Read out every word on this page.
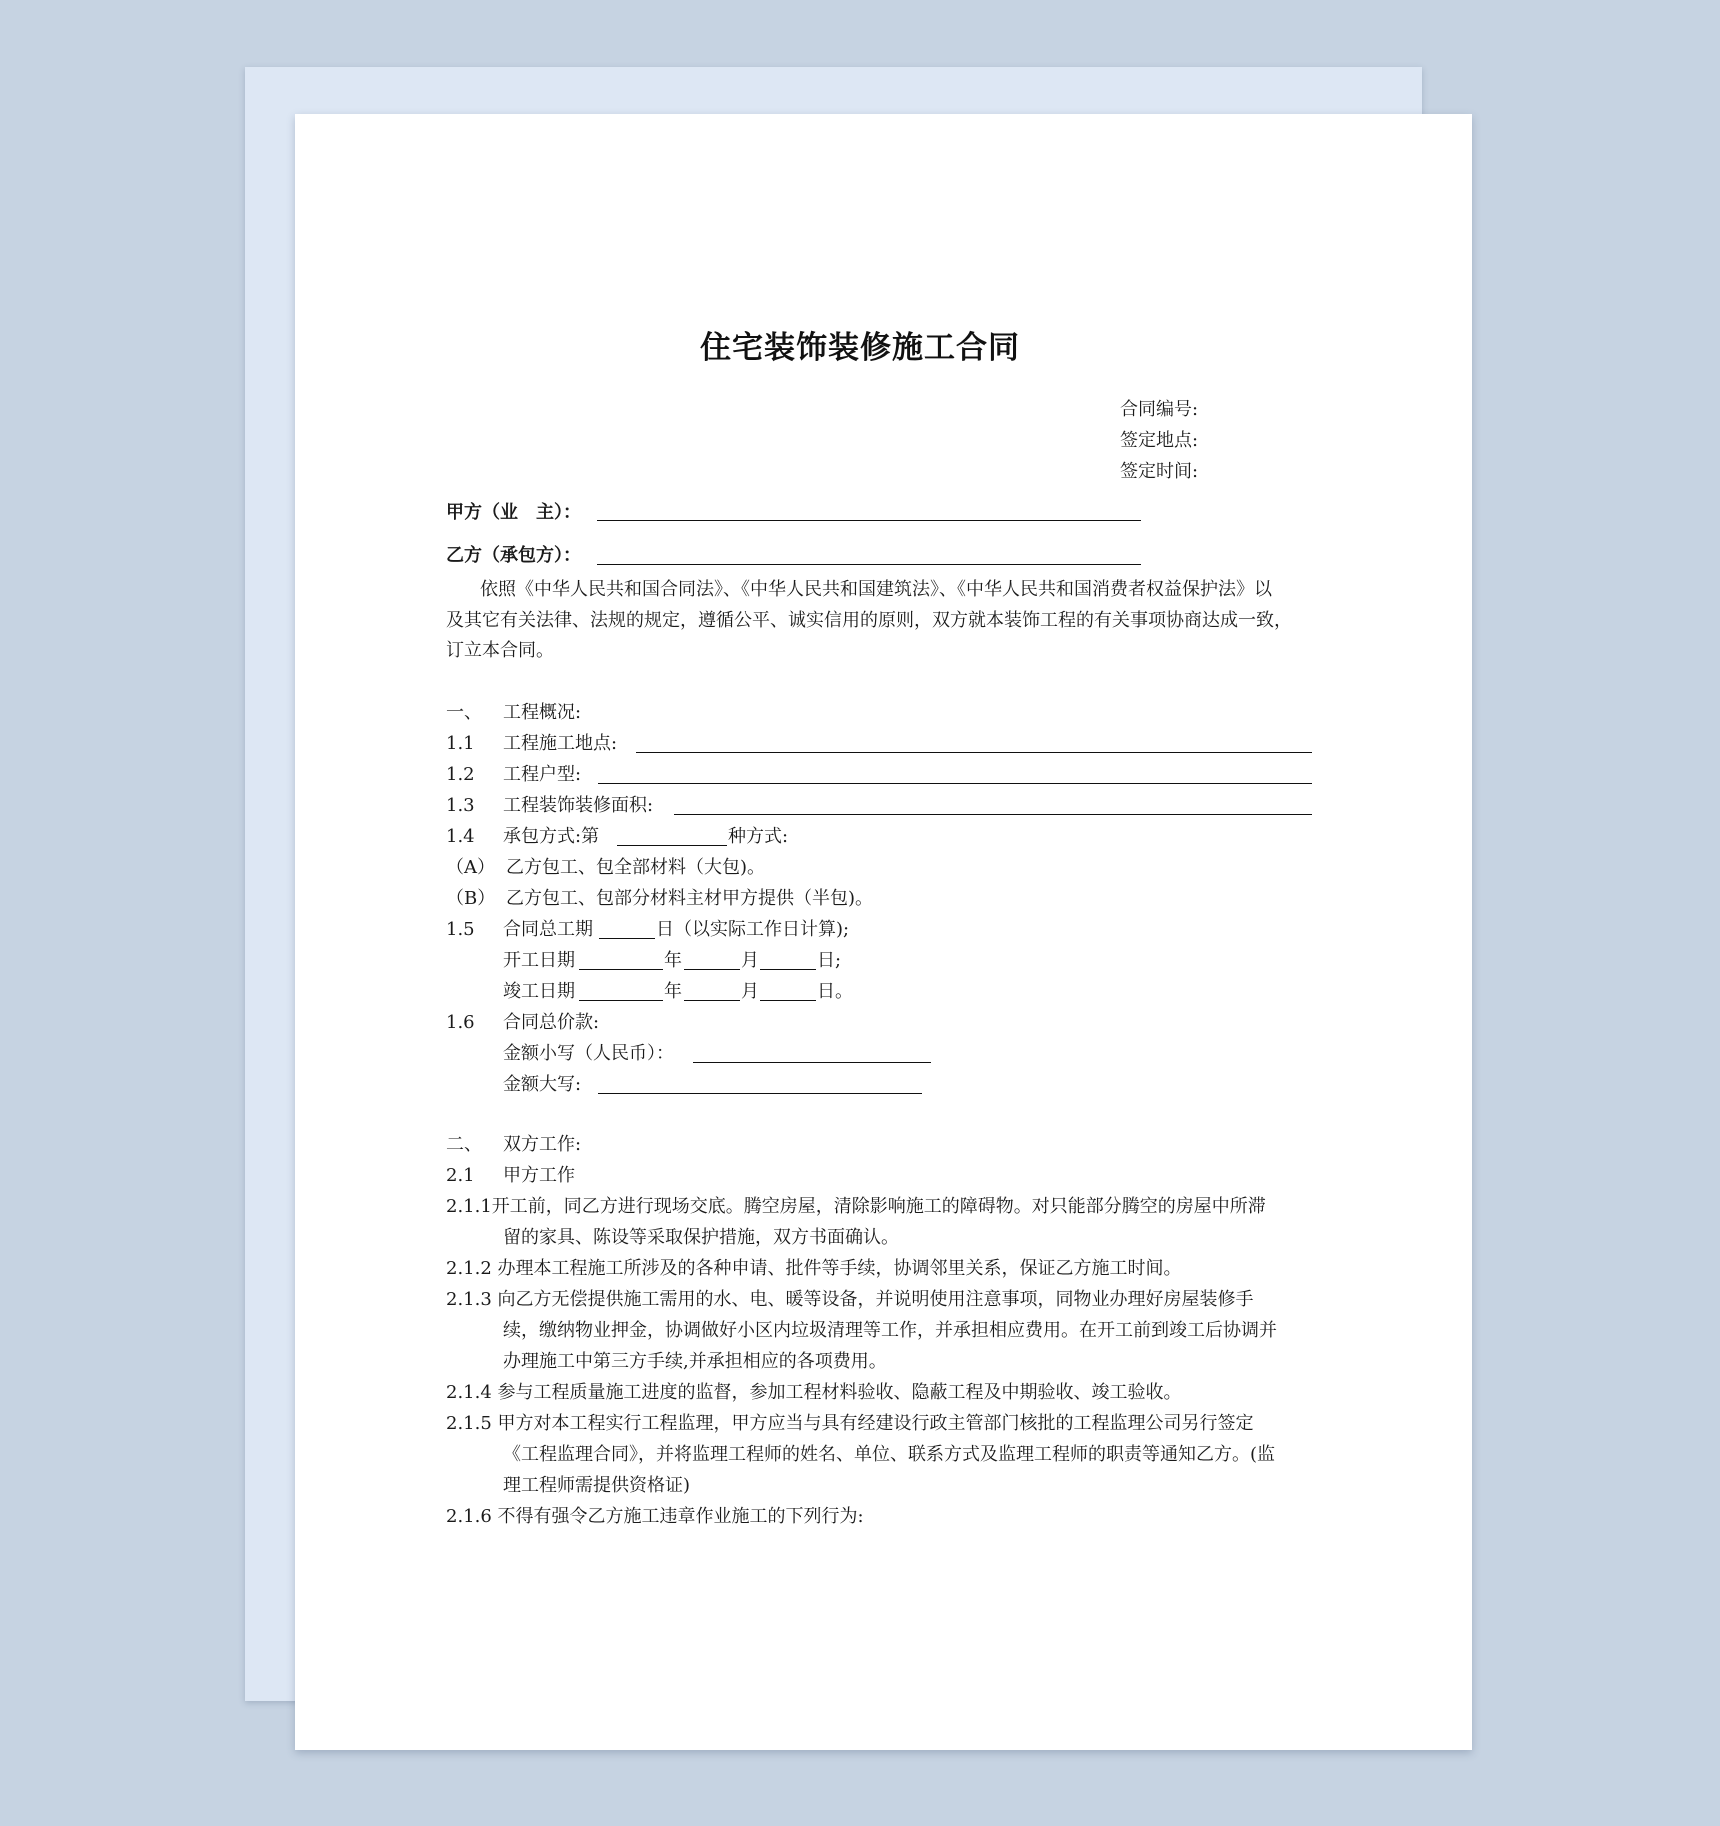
住宅装饰装修施工合同
合同编号:
签定地点:
签定时间:
甲方（业　主）：
乙方（承包方）：
依照《中华人民共和国合同法》、《中华人民共和国建筑法》、《中华人民共和国消费者权益保护法》以
及其它有关法律、法规的规定，遵循公平、诚实信用的原则，双方就本装饰工程的有关事项协商达成一致，
订立本合同。
一、 工程概况:
1.1 工程施工地点:
1.2 工程户型:
1.3 工程装饰装修面积:
1.4 承包方式:第	种方式:
（A） 乙方包工、包全部材料（大包)。
（B） 乙方包工、包部分材料主材甲方提供（半包)。
1.5 合同总工期	日（以实际工作日计算);
开工日期	年	月	日;
竣工日期	年	月	日。
1.6 合同总价款:
金额小写（人民币）：
金额大写:
二、 双方工作:
2.1 甲方工作
2.1.1开工前，同乙方进行现场交底。腾空房屋，清除影响施工的障碍物。对只能部分腾空的房屋中所滞
留的家具、陈设等采取保护措施，双方书面确认。
2.1.2 办理本工程施工所涉及的各种申请、批件等手续，协调邻里关系，保证乙方施工时间。
2.1.3 向乙方无偿提供施工需用的水、电、暖等设备，并说明使用注意事项，同物业办理好房屋装修手
续，缴纳物业押金，协调做好小区内垃圾清理等工作，并承担相应费用。在开工前到竣工后协调并
办理施工中第三方手续,并承担相应的各项费用。
2.1.4 参与工程质量施工进度的监督，参加工程材料验收、隐蔽工程及中期验收、竣工验收。
2.1.5 甲方对本工程实行工程监理，甲方应当与具有经建设行政主管部门核批的工程监理公司另行签定
《工程监理合同》，并将监理工程师的姓名、单位、联系方式及监理工程师的职责等通知乙方。(监
理工程师需提供资格证)
2.1.6 不得有强令乙方施工违章作业施工的下列行为:
